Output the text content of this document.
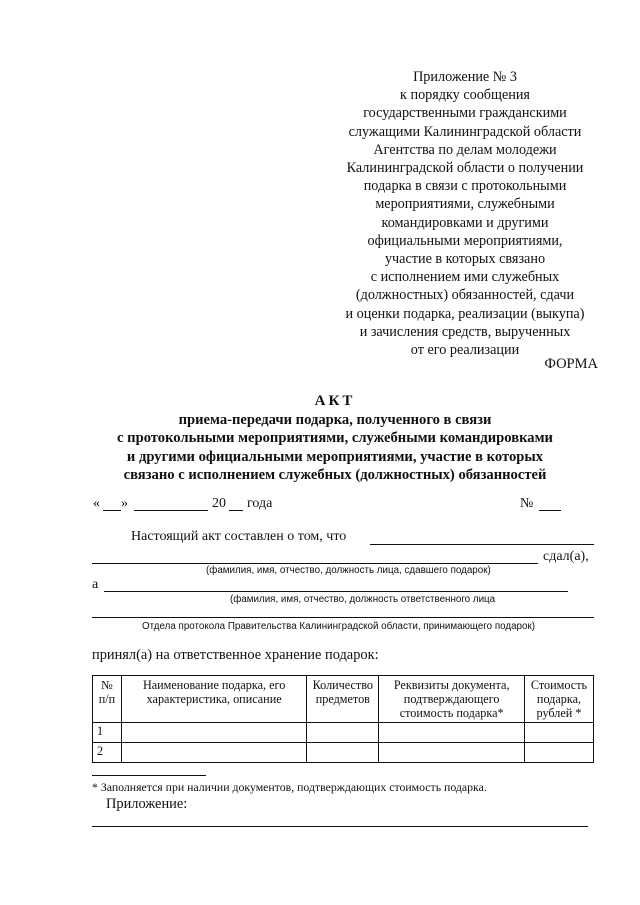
Приложение № 3
к порядку сообщения
государственными гражданскими
служащими Калининградской области
Агентства по делам молодежи
Калининградской области о получении
подарка в связи с протокольными
мероприятиями, служебными
командировками и другими
официальными мероприятиями,
участие в которых связано
с исполнением ими служебных
(должностных) обязанностей, сдачи
и оценки подарка, реализации (выкупа)
и зачисления средств, вырученных
от его реализации
ФОРМА
АКТ
приема-передачи подарка, полученного в связи
с протокольными мероприятиями, служебными командировками
и другими официальными мероприятиями, участие в которых
связано с исполнением служебных (должностных) обязанностей
« »	20 года	№
Настоящий акт составлен о том, что
сдал(а),
(фамилия, имя, отчество, должность лица, сдавшего подарок)
а
(фамилия, имя, отчество, должность ответственного лица
Отдела протокола Правительства Калининградской области, принимающего подарок)
принял(а) на ответственное хранение подарок:
№ п/п	Наименование подарка, его характеристика, описание	Количество предметов	Реквизиты документа, подтверждающего стоимость подарка*	Стоимость подарка, рублей *
1				
2				
* Заполняется при наличии документов, подтверждающих стоимость подарка.
Приложение:
